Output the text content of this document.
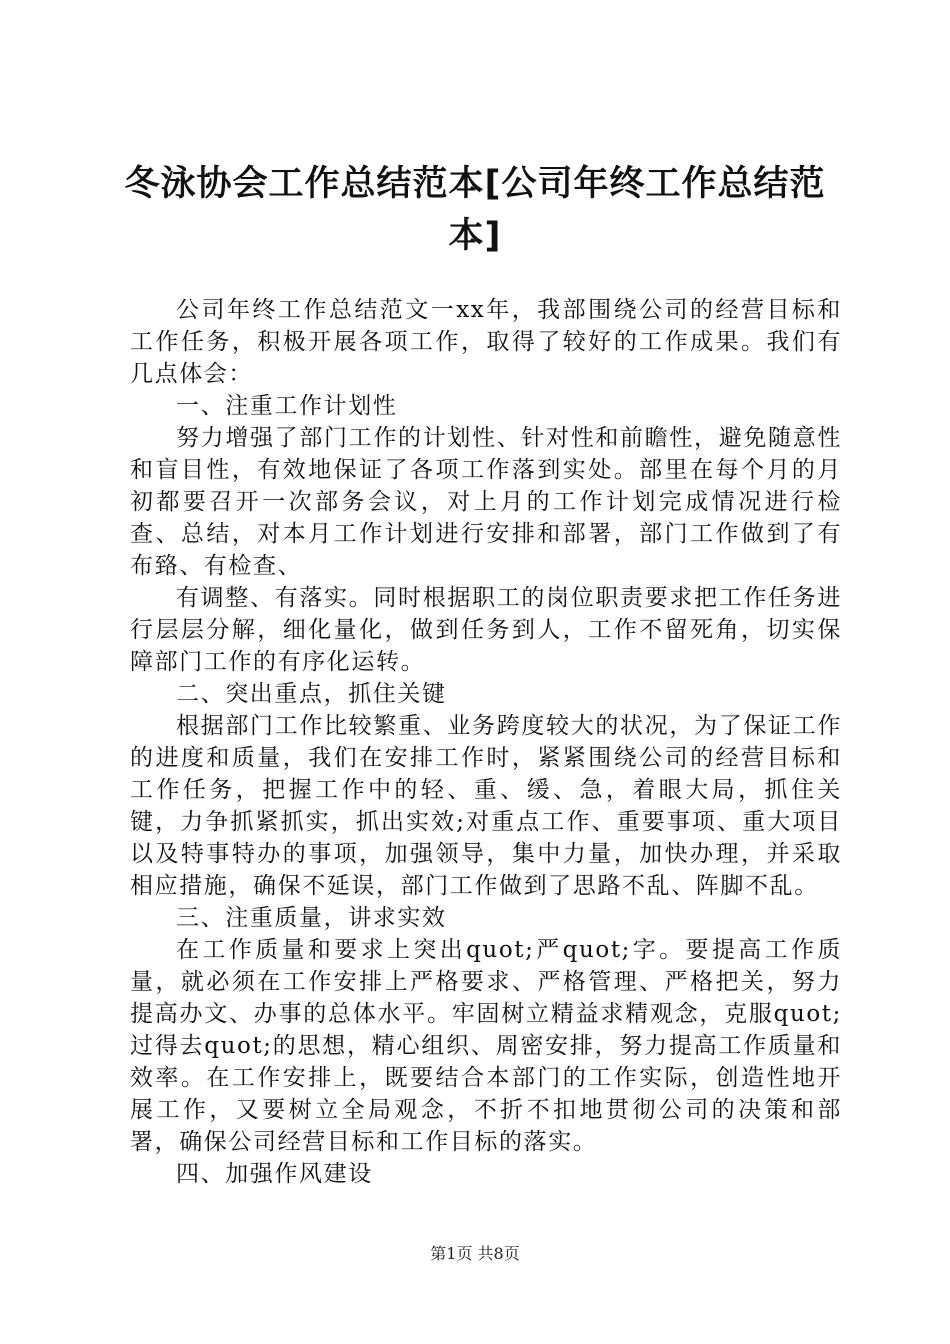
冬泳协会工作总结范本[公司年终工作总结范本]

公司年终工作总结范文一xx年，我部围绕公司的经营目标和工作任务，积极开展各项工作，取得了较好的工作成果。我们有几点体会：

一、注重工作计划性

努力增强了部门工作的计划性、针对性和前瞻性，避免随意性和盲目性，有效地保证了各项工作落到实处。部里在每个月的月初都要召开一次部务会议，对上月的工作计划完成情况进行检查、总结，对本月工作计划进行安排和部署，部门工作做到了有布臵、有检查、

有调整、有落实。同时根据职工的岗位职责要求把工作任务进行层层分解，细化量化，做到任务到人，工作不留死角，切实保障部门工作的有序化运转。

二、突出重点，抓住关键

根据部门工作比较繁重、业务跨度较大的状况，为了保证工作的进度和质量，我们在安排工作时，紧紧围绕公司的经营目标和工作任务，把握工作中的轻、重、缓、急，着眼大局，抓住关键，力争抓紧抓实，抓出实效;对重点工作、重要事项、重大项目以及特事特办的事项，加强领导，集中力量，加快办理，并采取相应措施，确保不延误，部门工作做到了思路不乱、阵脚不乱。

三、注重质量，讲求实效

在工作质量和要求上突出quot;严quot;字。要提高工作质量，就必须在工作安排上严格要求、严格管理、严格把关，努力提高办文、办事的总体水平。牢固树立精益求精观念，克服quot;过得去quot;的思想，精心组织、周密安排，努力提高工作质量和效率。在工作安排上，既要结合本部门的工作实际，创造性地开展工作，又要树立全局观念，不折不扣地贯彻公司的决策和部署，确保公司经营目标和工作目标的落实。

四、加强作风建设

第1页 共8页
